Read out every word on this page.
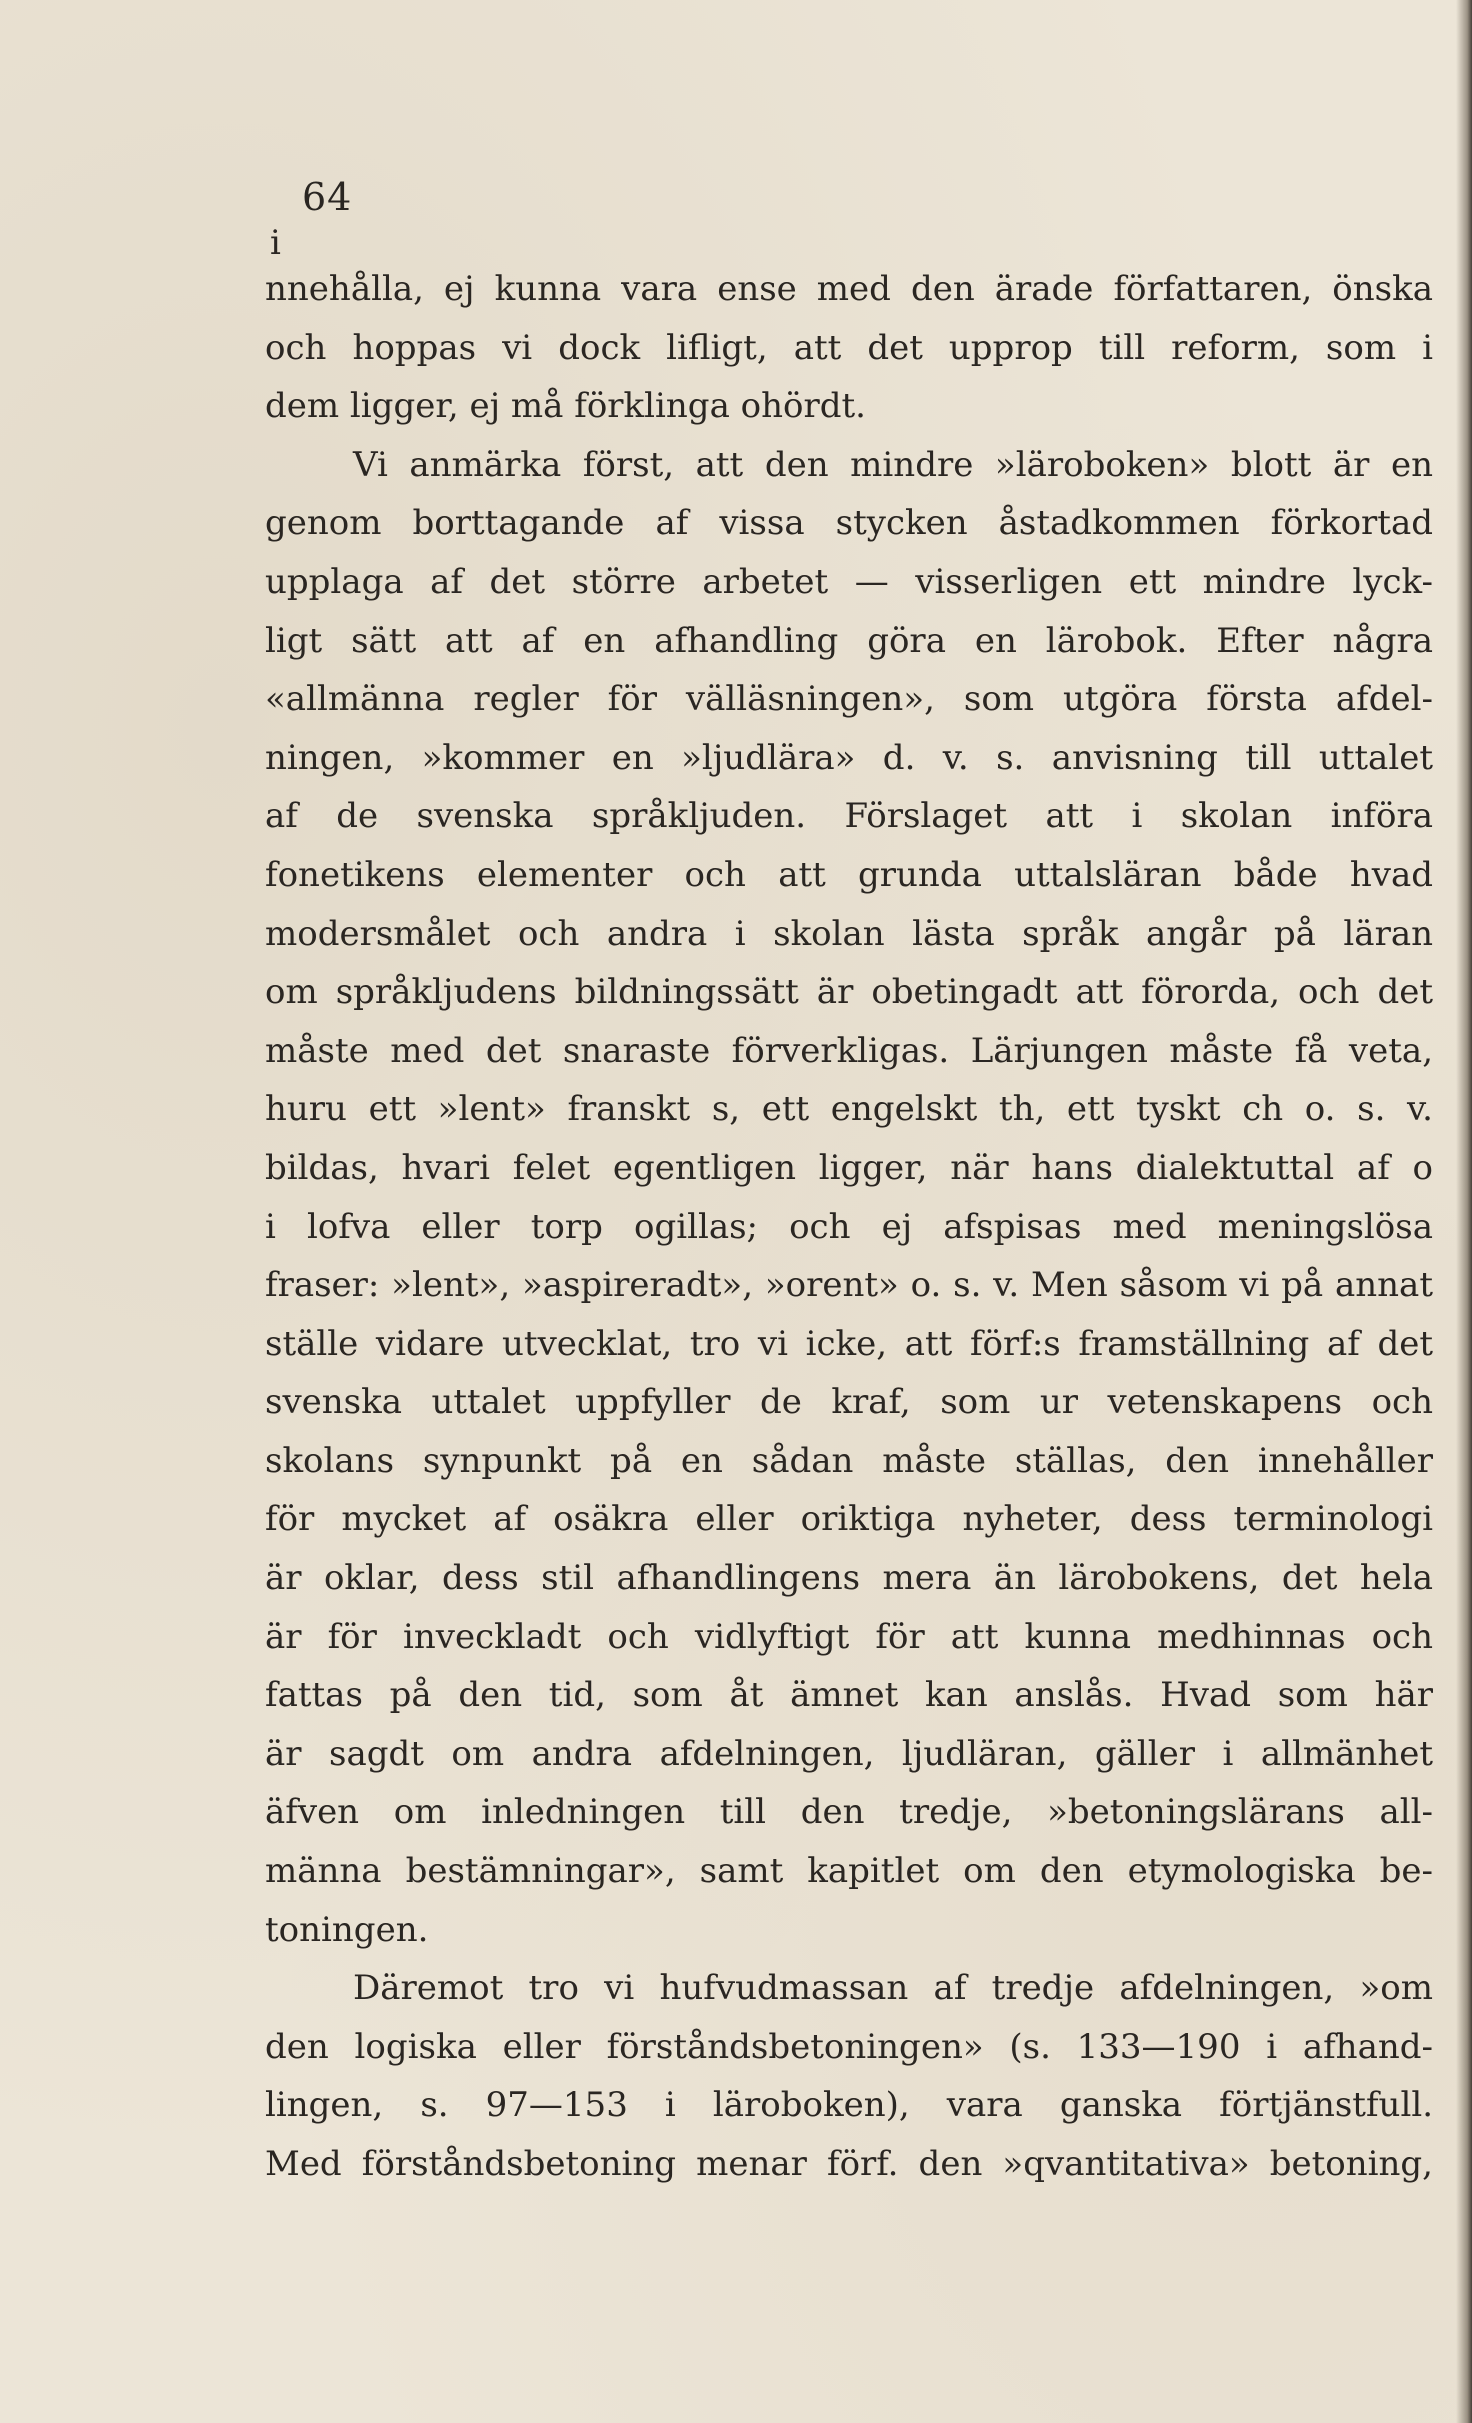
64
i
nnehålla, ej kunna vara ense med den ärade författaren, önska
och hoppas vi dock lifligt, att det upprop till reform, som i
dem ligger, ej må förklinga ohördt.
Vi anmärka först, att den mindre »läroboken» blott är en
genom borttagande af vissa stycken åstadkommen förkortad
upplaga af det större arbetet — visserligen ett mindre lyck-
ligt sätt att af en afhandling göra en lärobok. Efter några
«allmänna regler för välläsningen», som utgöra första afdel-
ningen, »kommer en »ljudlära» d. v. s. anvisning till uttalet
af de svenska språkljuden. Förslaget att i skolan införa
fonetikens elementer och att grunda uttalsläran både hvad
modersmålet och andra i skolan lästa språk angår på läran
om språkljudens bildningssätt är obetingadt att förorda, och det
måste med det snaraste förverkligas. Lärjungen måste få veta,
huru ett »lent» franskt s, ett engelskt th, ett tyskt ch o. s. v.
bildas, hvari felet egentligen ligger, när hans dialektuttal af o
i lofva eller torp ogillas; och ej afspisas med meningslösa
fraser: »lent», »aspireradt», »orent» o. s. v. Men såsom vi på annat
ställe vidare utvecklat, tro vi icke, att förf:s framställning af det
svenska uttalet uppfyller de kraf, som ur vetenskapens och
skolans synpunkt på en sådan måste ställas, den innehåller
för mycket af osäkra eller oriktiga nyheter, dess terminologi
är oklar, dess stil afhandlingens mera än lärobokens, det hela
är för inveckladt och vidlyftigt för att kunna medhinnas och
fattas på den tid, som åt ämnet kan anslås. Hvad som här
är sagdt om andra afdelningen, ljudläran, gäller i allmänhet
äfven om inledningen till den tredje, »betoningslärans all-
männa bestämningar», samt kapitlet om den etymologiska be-
toningen.
Däremot tro vi hufvudmassan af tredje afdelningen, »om
den logiska eller förståndsbetoningen» (s. 133—190 i afhand-
lingen, s. 97—153 i läroboken), vara ganska förtjänstfull.
Med förståndsbetoning menar förf. den »qvantitativa» betoning,
